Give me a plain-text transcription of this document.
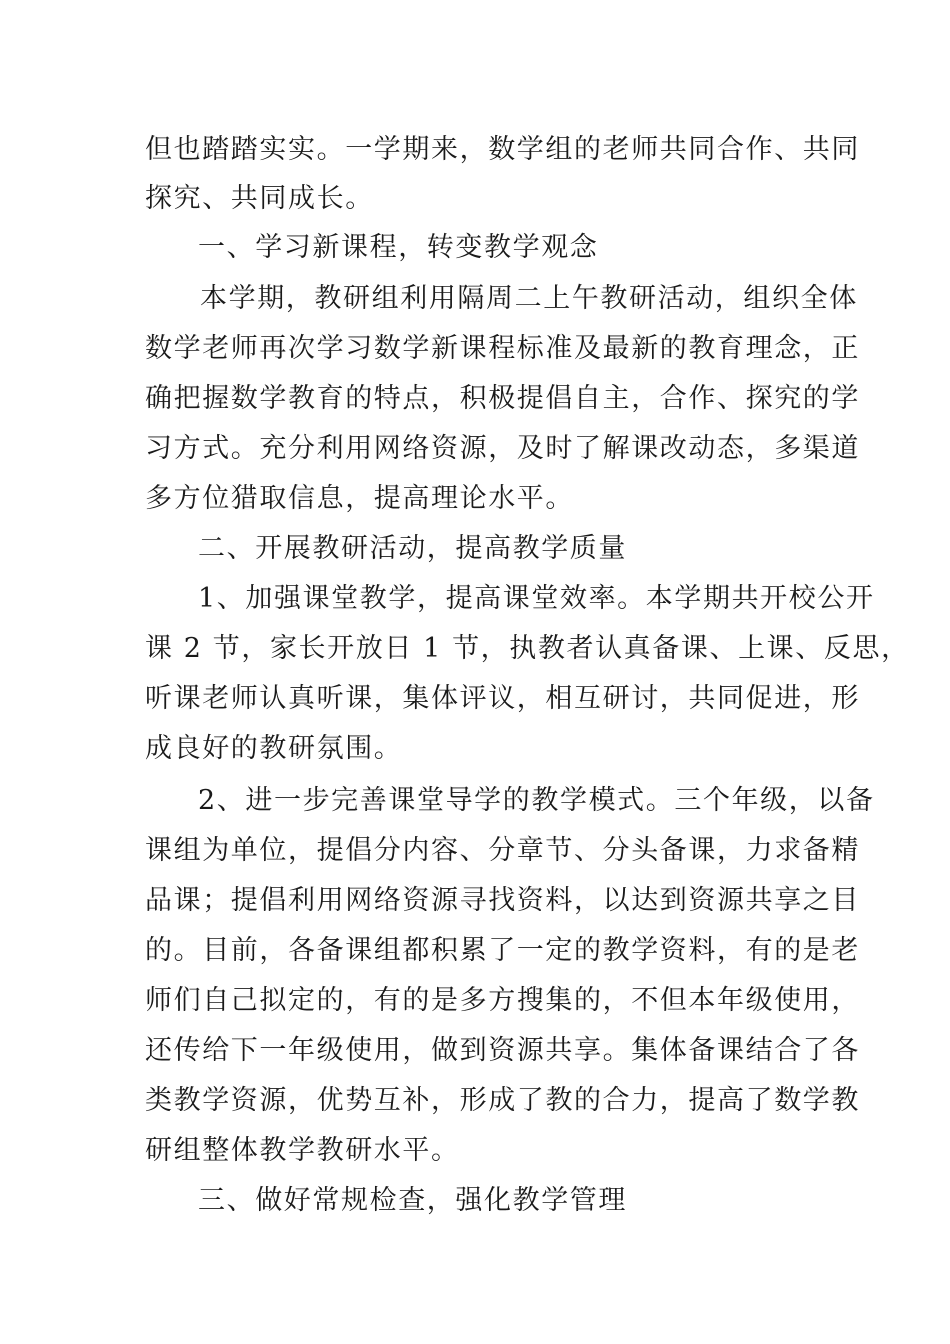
但也踏踏实实。一学期来，数学组的老师共同合作、共同
探究、共同成长。
一、学习新课程，转变教学观念
本学期，教研组利用隔周二上午教研活动，组织全体
数学老师再次学习数学新课程标准及最新的教育理念，正
确把握数学教育的特点，积极提倡自主，合作、探究的学
习方式。充分利用网络资源，及时了解课改动态，多渠道
多方位猎取信息，提高理论水平。
二、开展教研活动，提高教学质量
1、加强课堂教学，提高课堂效率。本学期共开校公开
课 2 节，家长开放日 1 节，执教者认真备课、上课、反思，
听课老师认真听课，集体评议，相互研讨，共同促进，形
成良好的教研氛围。
2、进一步完善课堂导学的教学模式。三个年级，以备
课组为单位，提倡分内容、分章节、分头备课，力求备精
品课；提倡利用网络资源寻找资料，以达到资源共享之目
的。目前，各备课组都积累了一定的教学资料，有的是老
师们自己拟定的，有的是多方搜集的，不但本年级使用，
还传给下一年级使用，做到资源共享。集体备课结合了各
类教学资源，优势互补，形成了教的合力，提高了数学教
研组整体教学教研水平。
三、做好常规检查，强化教学管理
